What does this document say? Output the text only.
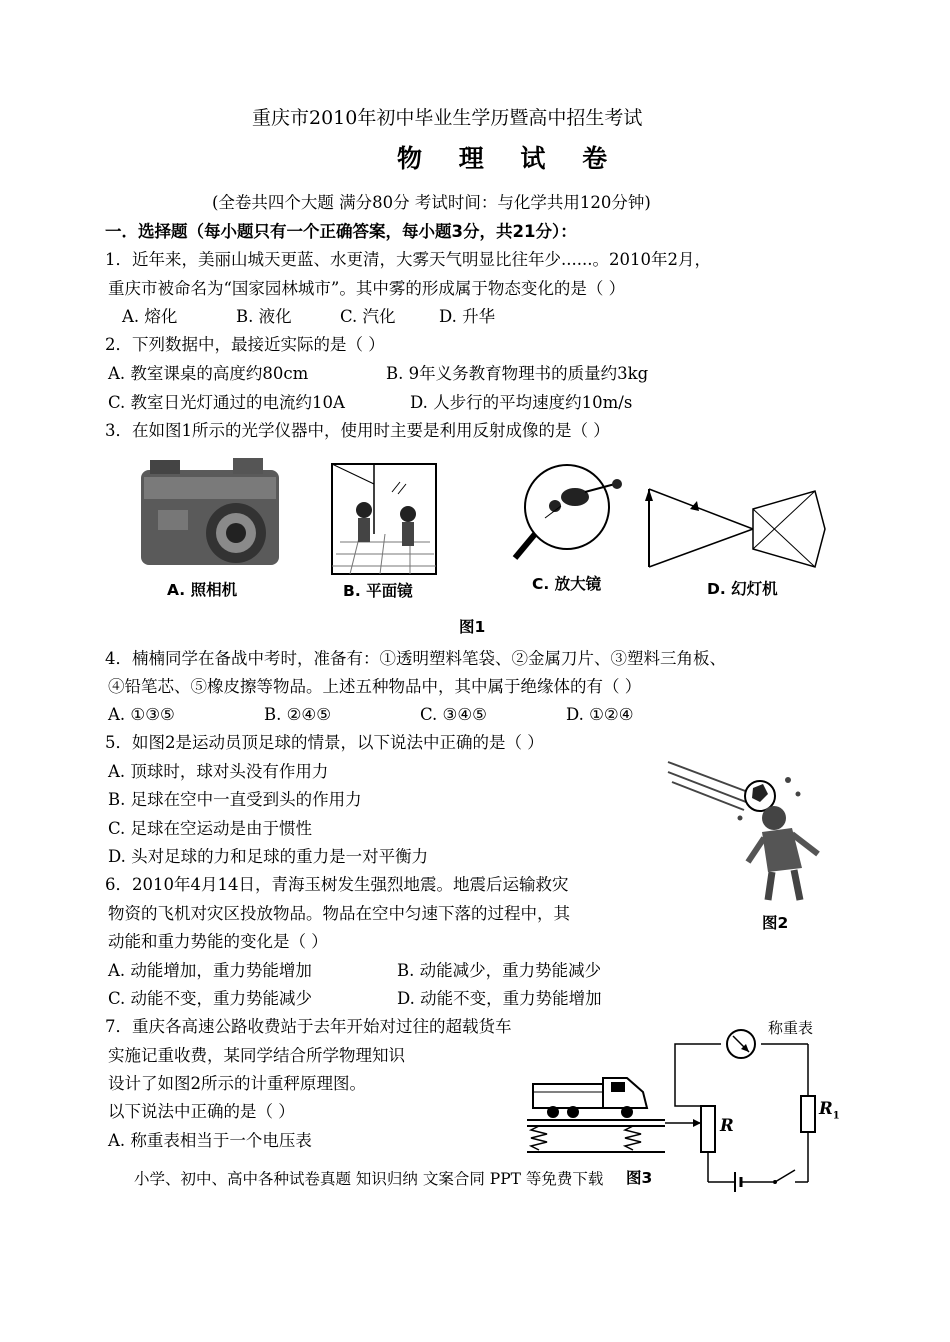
重庆市2010年初中毕业生学历暨高中招生考试
物 理 试 卷
(全卷共四个大题 满分80分 考试时间：与化学共用120分钟)
一．选择题（每小题只有一个正确答案，每小题3分，共21分）：
1．近年来，美丽山城天更蓝、水更清，大雾天气明显比往年少......。2010年2月，
重庆市被命名为“国家园林城市”。其中雾的形成属于物态变化的是（ ）
A. 熔化	B. 液化	C. 汽化	D. 升华
2．下列数据中，最接近实际的是（ ）
A. 教室课桌的高度约80cm	B. 9年义务教育物理书的质量约3kg
C. 教室日光灯通过的电流约10A	D. 人步行的平均速度约10m/s
3．在如图1所示的光学仪器中，使用时主要是利用反射成像的是（ ）
A. 照相机	B. 平面镜	C. 放大镜	D. 幻灯机
图1
4．楠楠同学在备战中考时，准备有：①透明塑料笔袋、②金属刀片、③塑料三角板、
④铅笔芯、⑤橡皮擦等物品。上述五种物品中，其中属于绝缘体的有（ ）
A. ①③⑤	B. ②④⑤	C. ③④⑤	D. ①②④
5．如图2是运动员顶足球的情景，以下说法中正确的是（ ）
A. 顶球时，球对头没有作用力
B. 足球在空中一直受到头的作用力
C. 足球在空运动是由于惯性
D. 头对足球的力和足球的重力是一对平衡力
图2
6．2010年4月14日，青海玉树发生强烈地震。地震后运输救灾
物资的飞机对灾区投放物品。物品在空中匀速下落的过程中，其
动能和重力势能的变化是（ ）
A. 动能增加，重力势能增加	B. 动能减少，重力势能减少
C. 动能不变，重力势能减少	D. 动能不变，重力势能增加
7．重庆各高速公路收费站于去年开始对过往的超载货车
实施记重收费，某同学结合所学物理知识
设计了如图2所示的计重秤原理图。
以下说法中正确的是（ ）
A. 称重表相当于一个电压表
称重表
R
$R_1$
小学、初中、高中各种试卷真题 知识归纳 文案合同 PPT 等免费下载 图3
